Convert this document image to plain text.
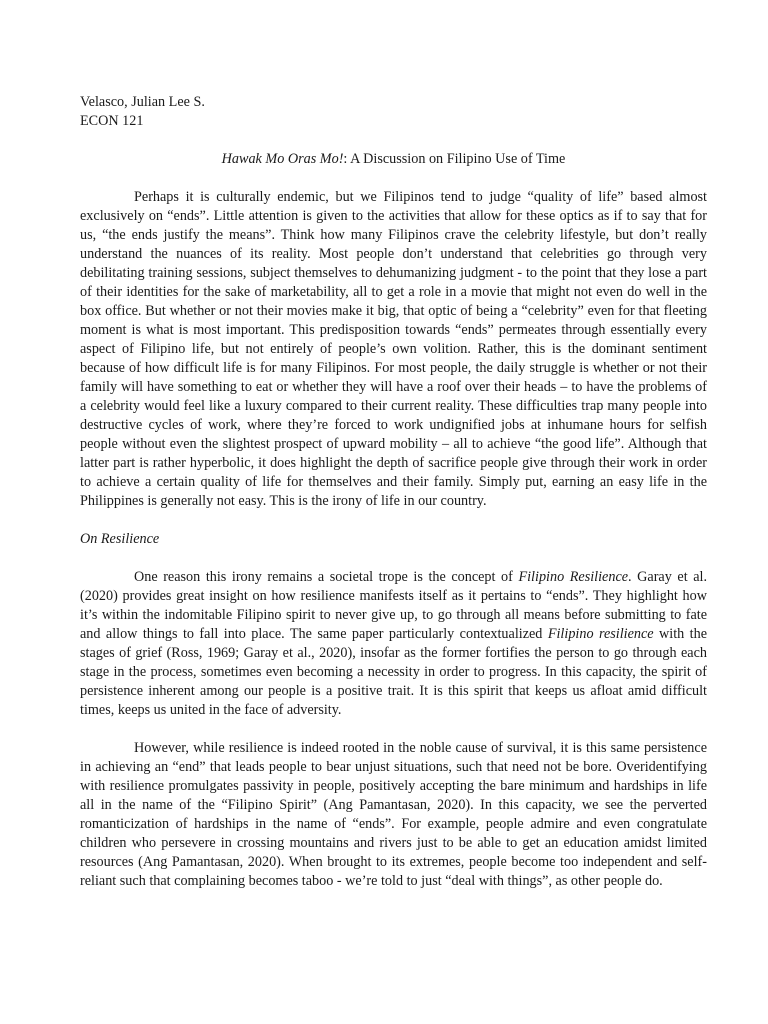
Velasco, Julian Lee S.

ECON 121

Hawak Mo Oras Mo!: A Discussion on Filipino Use of Time

Perhaps it is culturally endemic, but we Filipinos tend to judge “quality of life” based almost exclusively on “ends”. Little attention is given to the activities that allow for these optics as if to say that for us, “the ends justify the means”. Think how many Filipinos crave the celebrity lifestyle, but don’t really understand the nuances of its reality. Most people don’t understand that celebrities go through very debilitating training sessions, subject themselves to dehumanizing judgment - to the point that they lose a part of their identities for the sake of marketability, all to get a role in a movie that might not even do well in the box office. But whether or not their movies make it big, that optic of being a “celebrity” even for that fleeting moment is what is most important. This predisposition towards “ends” permeates through essentially every aspect of Filipino life, but not entirely of people’s own volition. Rather, this is the dominant sentiment because of how difficult life is for many Filipinos. For most people, the daily struggle is whether or not their family will have something to eat or whether they will have a roof over their heads – to have the problems of a celebrity would feel like a luxury compared to their current reality. These difficulties trap many people into destructive cycles of work, where they’re forced to work undignified jobs at inhumane hours for selfish people without even the slightest prospect of upward mobility – all to achieve “the good life”. Although that latter part is rather hyperbolic, it does highlight the depth of sacrifice people give through their work in order to achieve a certain quality of life for themselves and their family. Simply put, earning an easy life in the Philippines is generally not easy. This is the irony of life in our country.

On Resilience

One reason this irony remains a societal trope is the concept of Filipino Resilience. Garay et al. (2020) provides great insight on how resilience manifests itself as it pertains to “ends”. They highlight how it’s within the indomitable Filipino spirit to never give up, to go through all means before submitting to fate and allow things to fall into place. The same paper particularly contextualized Filipino resilience with the stages of grief (Ross, 1969; Garay et al., 2020), insofar as the former fortifies the person to go through each stage in the process, sometimes even becoming a necessity in order to progress. In this capacity, the spirit of persistence inherent among our people is a positive trait. It is this spirit that keeps us afloat amid difficult times, keeps us united in the face of adversity.

However, while resilience is indeed rooted in the noble cause of survival, it is this same persistence in achieving an “end” that leads people to bear unjust situations, such that need not be bore. Overidentifying with resilience promulgates passivity in people, positively accepting the bare minimum and hardships in life all in the name of the “Filipino Spirit” (Ang Pamantasan, 2020). In this capacity, we see the perverted romanticization of hardships in the name of “ends”. For example, people admire and even congratulate children who persevere in crossing mountains and rivers just to be able to get an education amidst limited resources (Ang Pamantasan, 2020). When brought to its extremes, people become too independent and self-reliant such that complaining becomes taboo - we’re told to just “deal with things”, as other people do.
